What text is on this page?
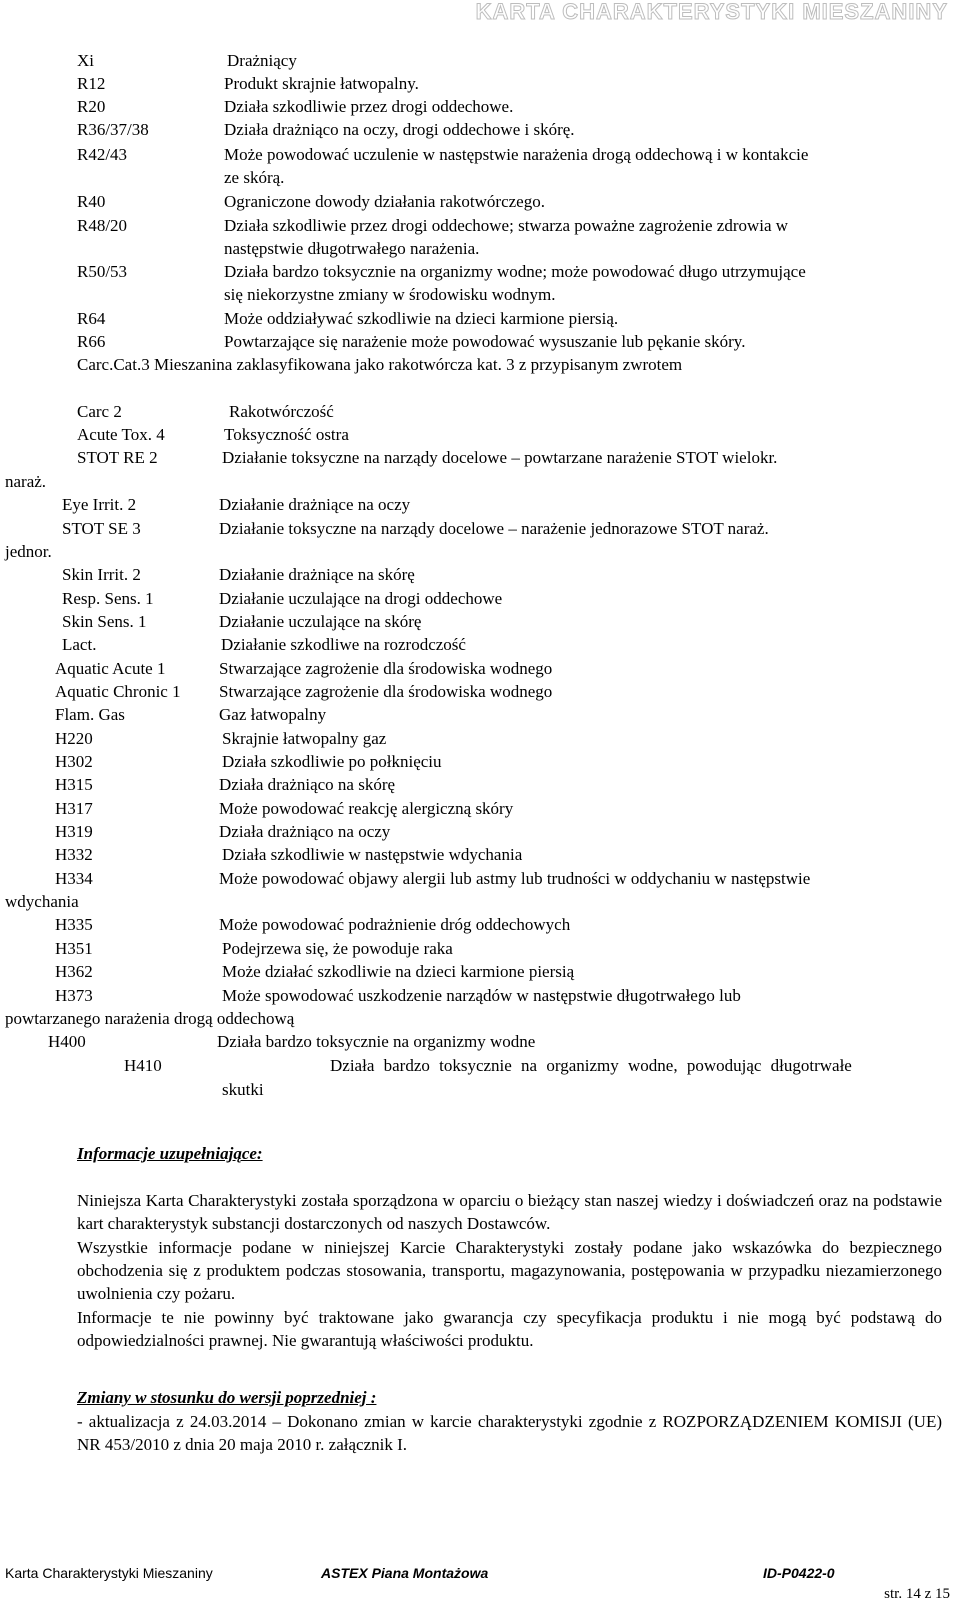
KARTA CHARAKTERYSTYKI MIESZANINY
Xi	Drażniący
R12	Produkt skrajnie łatwopalny.
R20	Działa szkodliwie przez drogi oddechowe.
R36/37/38	Działa drażniąco na oczy, drogi oddechowe i skórę.
R42/43	Może powodować uczulenie w następstwie narażenia drogą oddechową i w kontakcie
ze skórą.
R40	Ograniczone dowody działania rakotwórczego.
R48/20	Działa szkodliwie przez drogi oddechowe; stwarza poważne zagrożenie zdrowia w
następstwie długotrwałego narażenia.
R50/53	Działa bardzo toksycznie na organizmy wodne; może powodować długo utrzymujące
się niekorzystne zmiany w środowisku wodnym.
R64	Może oddziaływać szkodliwie na dzieci karmione piersią.
R66	Powtarzające się narażenie może powodować wysuszanie lub pękanie skóry.
Carc.Cat.3 Mieszanina zaklasyfikowana jako rakotwórcza kat. 3 z przypisanym zwrotem
Carc 2	Rakotwórczość
Acute Tox. 4	Toksyczność ostra
STOT RE 2	Działanie toksyczne na narządy docelowe – powtarzane narażenie STOT wielokr.
naraż.
Eye Irrit. 2	Działanie drażniące na oczy
STOT SE 3	Działanie toksyczne na narządy docelowe – narażenie jednorazowe STOT naraż.
jednor.
Skin Irrit. 2	Działanie drażniące na skórę
Resp. Sens. 1	Działanie uczulające na drogi oddechowe
Skin Sens. 1	Działanie uczulające na skórę
Lact.	Działanie szkodliwe na rozrodczość
Aquatic Acute 1	Stwarzające zagrożenie dla środowiska wodnego
Aquatic Chronic 1 Stwarzające zagrożenie dla środowiska wodnego
Flam. Gas	Gaz łatwopalny
H220	Skrajnie łatwopalny gaz
H302	Działa szkodliwie po połknięciu
H315	Działa drażniąco na skórę
H317	Może powodować reakcję alergiczną skóry
H319	Działa drażniąco na oczy
H332	Działa szkodliwie w następstwie wdychania
H334	Może powodować objawy alergii lub astmy lub trudności w oddychaniu w następstwie
wdychania
H335	Może powodować podrażnienie dróg oddechowych
H351	Podejrzewa się, że powoduje raka
H362	Może działać szkodliwie na dzieci karmione piersią
H373	Może spowodować uszkodzenie narządów w następstwie długotrwałego lub
powtarzanego narażenia drogą oddechową
H400	Działa bardzo toksycznie na organizmy wodne
H410	Działa bardzo toksycznie na organizmy wodne, powodując długotrwałe
skutki
Informacje uzupełniające:
Niniejsza Karta Charakterystyki została sporządzona w oparciu o bieżący stan naszej wiedzy i doświadczeń oraz na podstawie kart charakterystyk substancji dostarczonych od naszych Dostawców.
Wszystkie informacje podane w niniejszej Karcie Charakterystyki zostały podane jako wskazówka do bezpiecznego obchodzenia się z produktem podczas stosowania, transportu, magazynowania, postępowania w przypadku niezamierzonego uwolnienia czy pożaru.
Informacje te nie powinny być traktowane jako gwarancja czy specyfikacja produktu i nie mogą być podstawą do odpowiedzialności prawnej. Nie gwarantują właściwości produktu.
Zmiany w stosunku do wersji poprzedniej :
- aktualizacja z 24.03.2014 – Dokonano zmian w karcie charakterystyki zgodnie z ROZPORZĄDZENIEM KOMISJI (UE) NR 453/2010 z dnia 20 maja 2010 r. załącznik I.
Karta Charakterystyki Mieszaniny	ASTEX Piana Montażowa	ID-P0422-0
str. 14 z 15
